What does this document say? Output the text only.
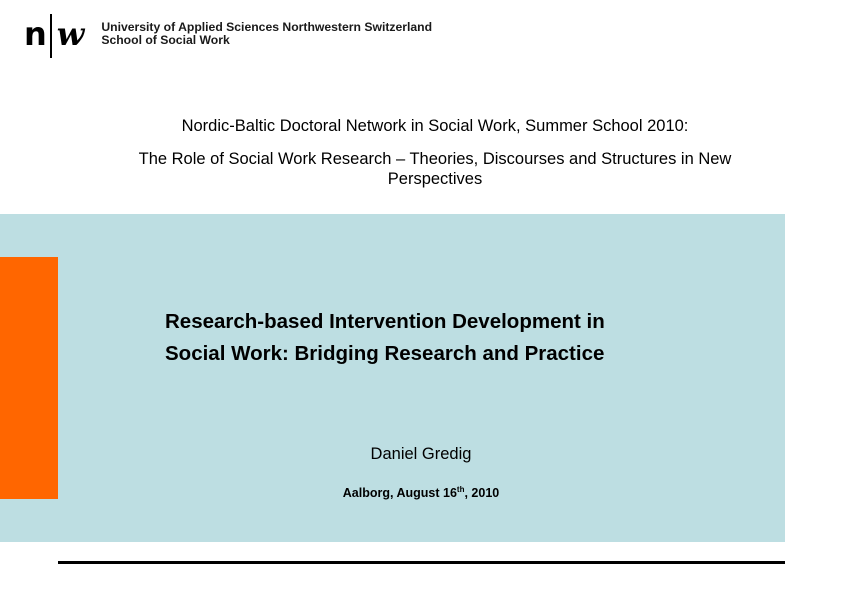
n w University of Applied Sciences Northwestern Switzerland
School of Social Work
Nordic-Baltic Doctoral Network in Social Work, Summer School 2010:
The Role of Social Work Research – Theories, Discourses and Structures in New Perspectives
Research-based Intervention Development in
Social Work: Bridging Research and Practice
Daniel Gredig
Aalborg, August 16th, 2010
